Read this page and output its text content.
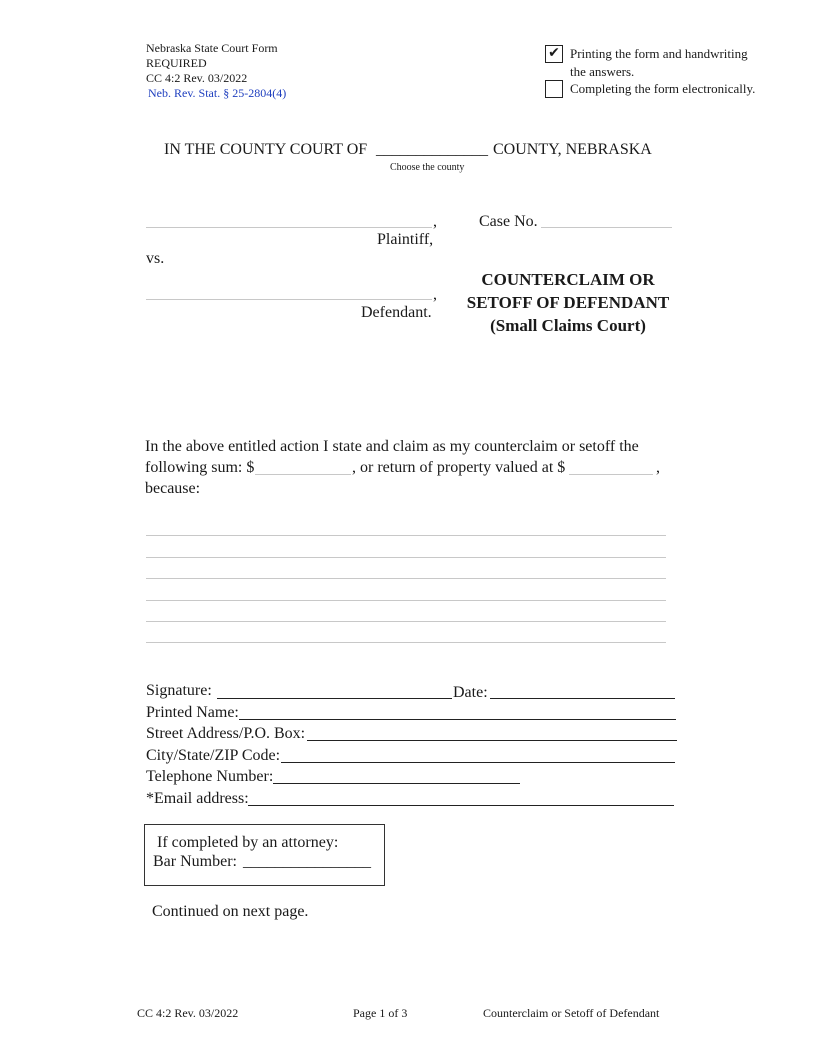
Nebraska State Court Form
REQUIRED
CC 4:2 Rev. 03/2022
Neb. Rev. Stat. § 25-2804(4)
✔ Printing the form and handwriting
the answers.
Completing the form electronically.
IN THE COUNTY COURT OF ______________ COUNTY, NEBRASKA
Choose the county
,
Plaintiff,
Case No.
vs.
,
Defendant.
COUNTERCLAIM OR
SETOFF OF DEFENDANT
(Small Claims Court)
In the above entitled action I state and claim as my counterclaim or setoff the
following sum: $	, or return of property valued at $	,
because:
Signature:	Date:
Printed Name:
Street Address/P.O. Box:
City/State/ZIP Code:
Telephone Number:
*Email address:
If completed by an attorney:
Bar Number: ________________
Continued on next page.
CC 4:2 Rev. 03/2022	Page 1 of 3	Counterclaim or Setoff of Defendant
